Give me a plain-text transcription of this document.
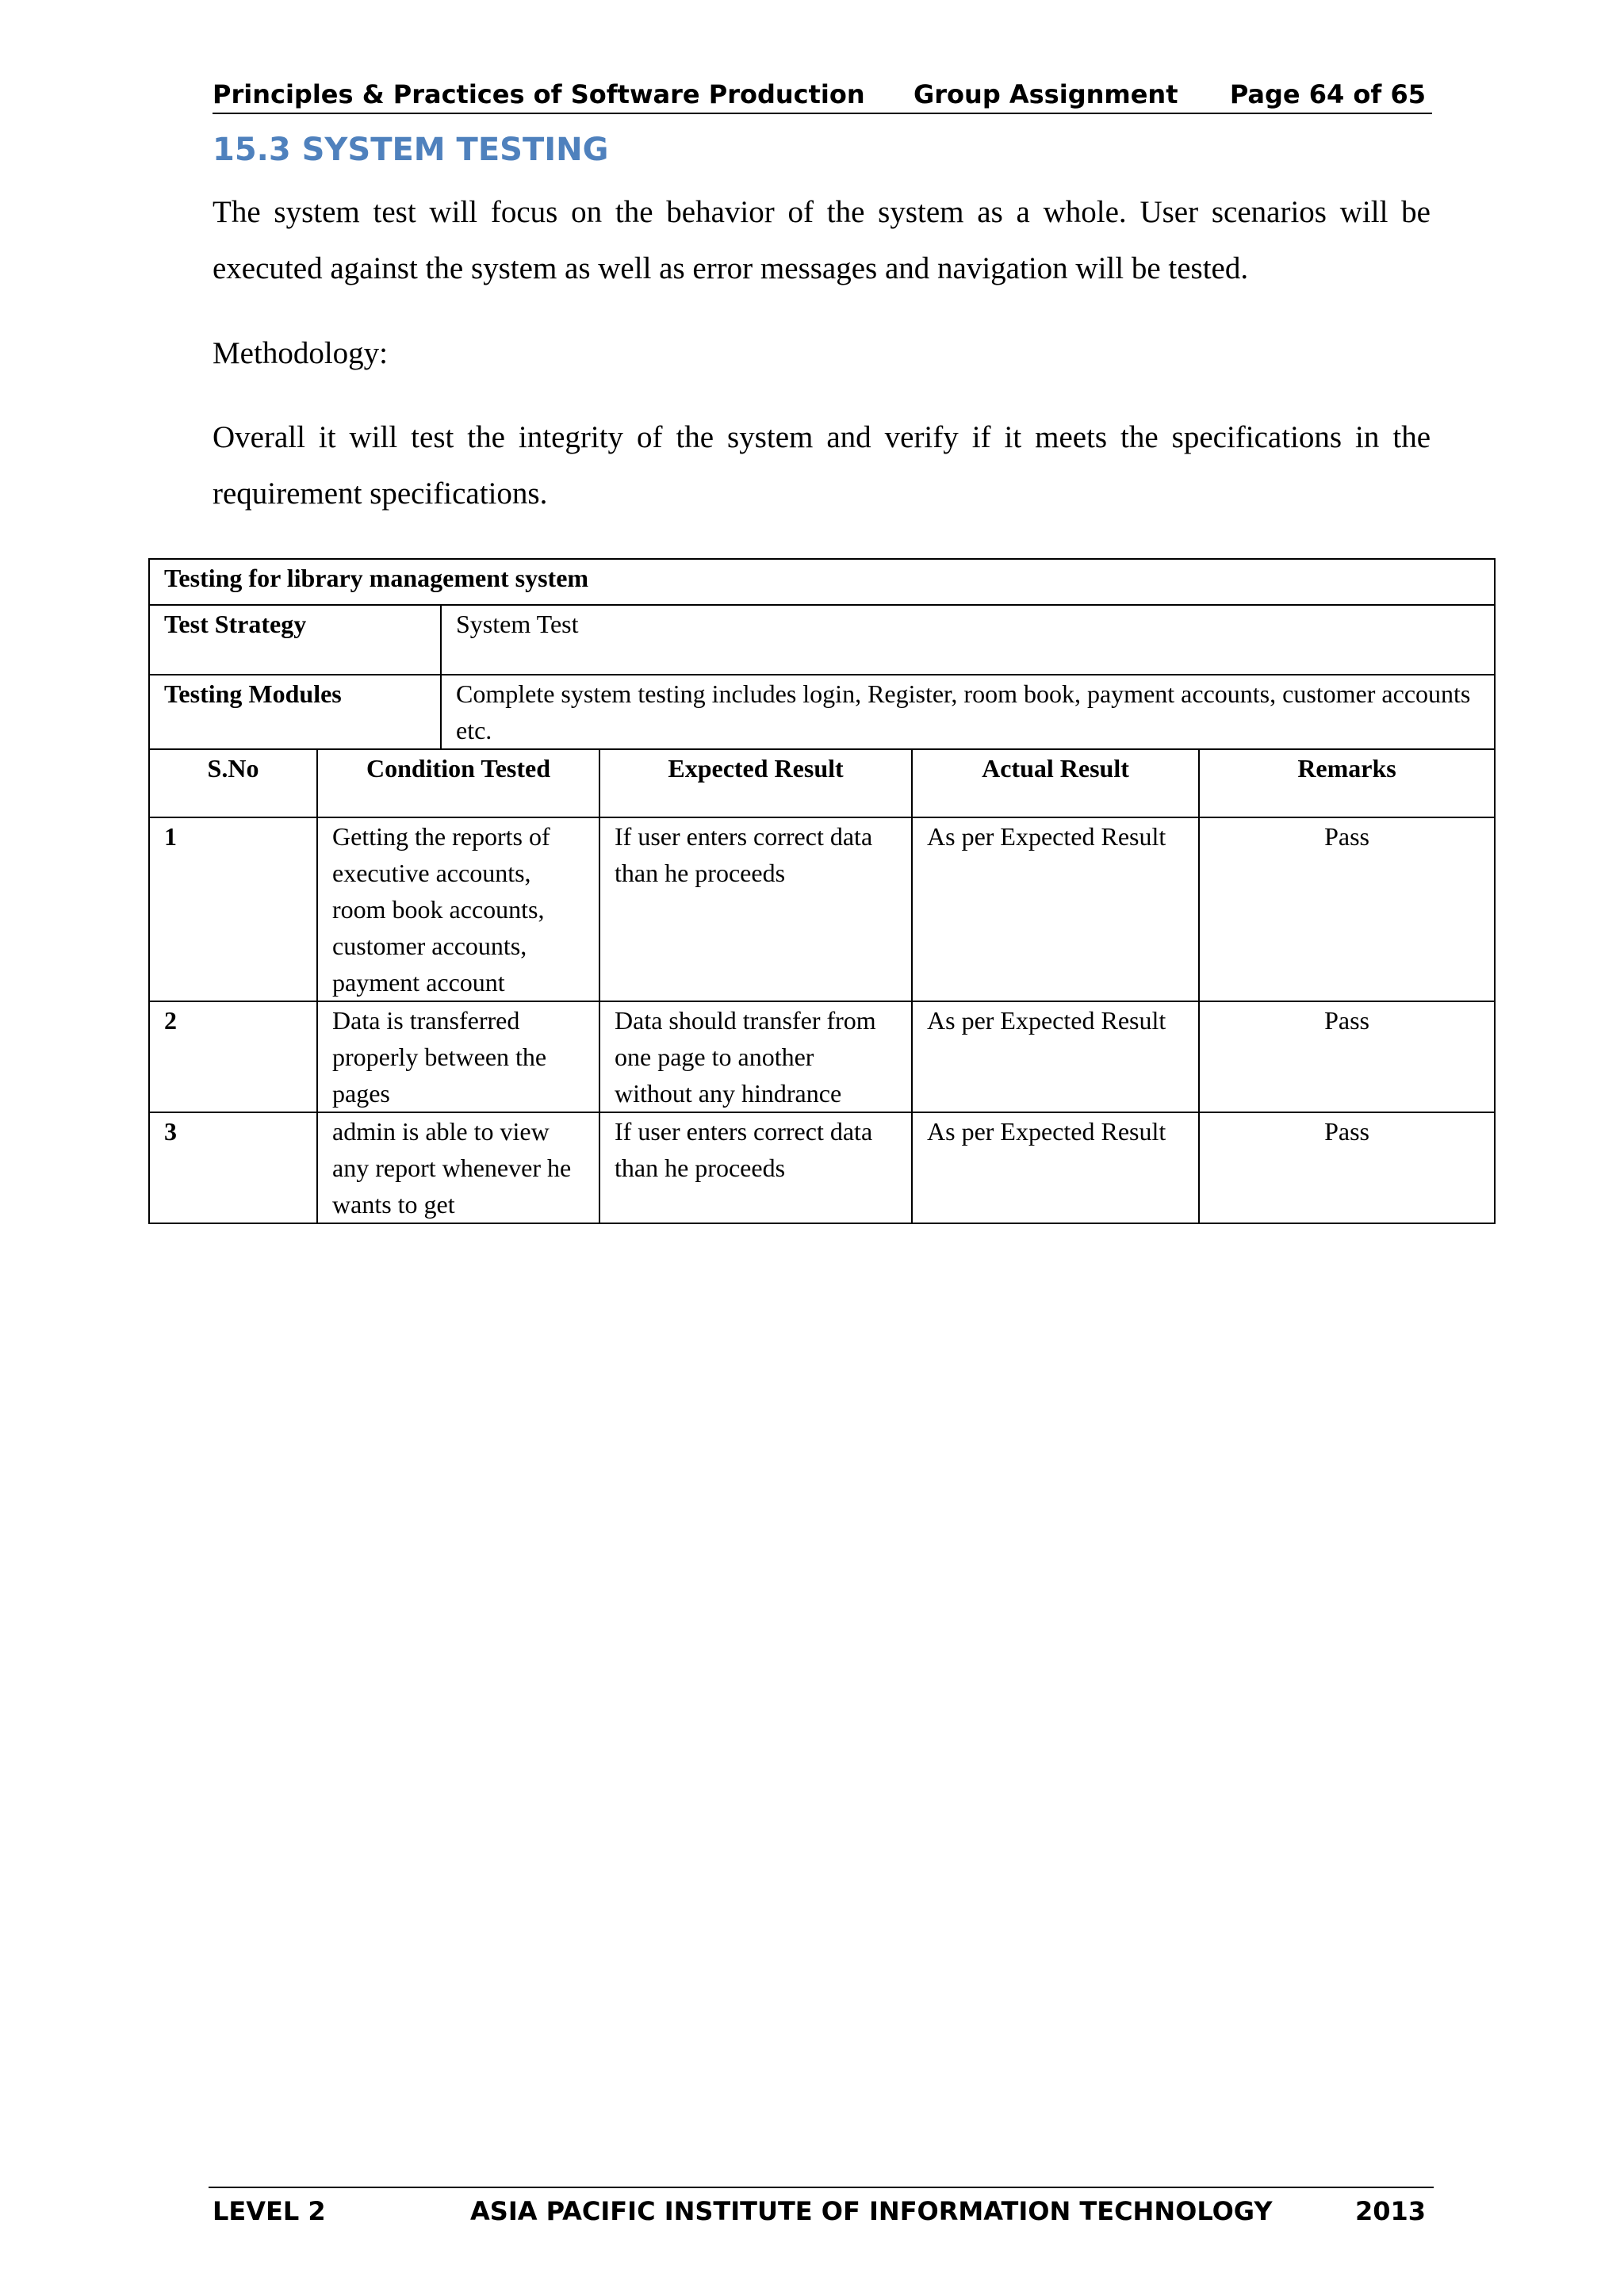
Principles & Practices of Software Production Group Assignment Page 64 of 65
15.3 SYSTEM TESTING
The system test will focus on the behavior of the system as a whole. User scenarios will be executed against the system as well as error messages and navigation will be tested.
Methodology:
Overall it will test the integrity of the system and verify if it meets the specifications in the requirement specifications.
Testing for library management system					
Test Strategy		System Test			
Testing Modules		Complete system testing includes login, Register, room book, payment accounts, customer accounts etc.			
S.No	Condition Tested		Expected Result	Actual Result	Remarks
1	Getting the reports of executive accounts, room book accounts, customer accounts, payment account		If user enters correct data than he proceeds	As per Expected Result	Pass
2	Data is transferred properly between the pages		Data should transfer from one page to another without any hindrance	As per Expected Result	Pass
3	admin is able to view any report whenever he wants to get		If user enters correct data than he proceeds	As per Expected Result	Pass
LEVEL 2	ASIA PACIFIC INSTITUTE OF INFORMATION TECHNOLOGY	2013
